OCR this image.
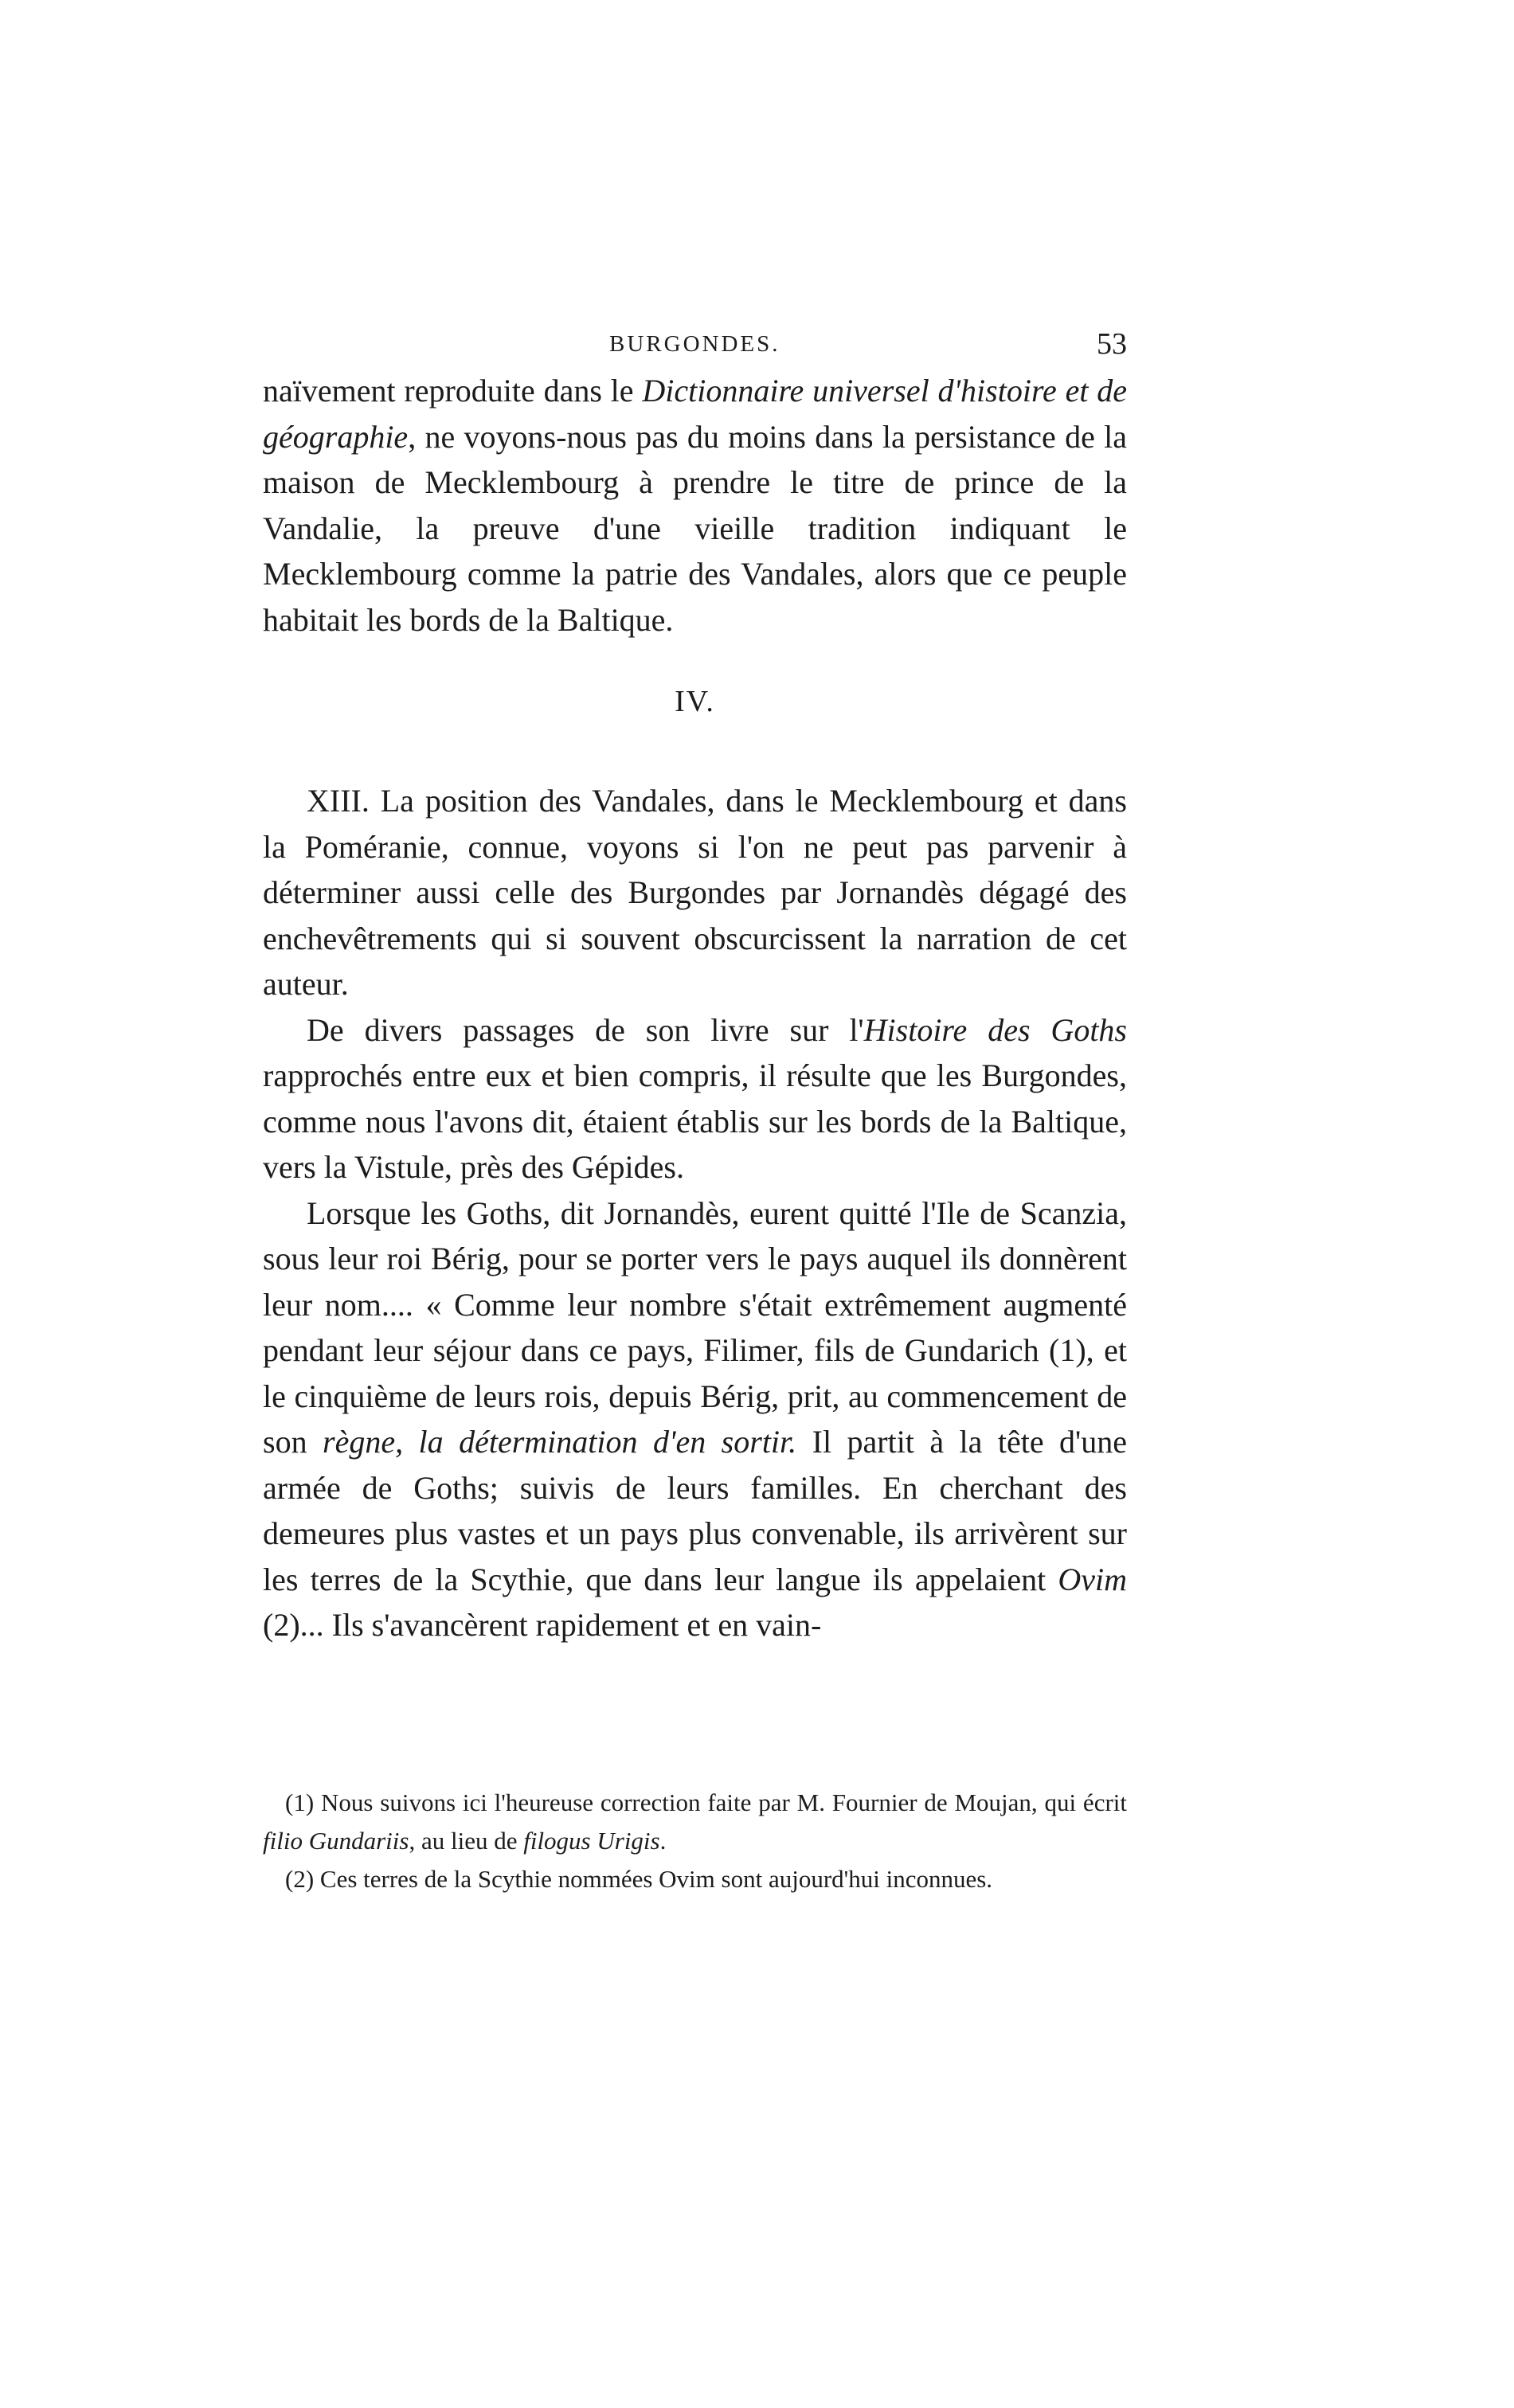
BURGONDES.	53

naïvement reproduite dans le Dictionnaire universel d'histoire et de géographie, ne voyons-nous pas du moins dans la persistance de la maison de Mecklembourg à prendre le titre de prince de la Vandalie, la preuve d'une vieille tradition indiquant le Mecklembourg comme la patrie des Vandales, alors que ce peuple habitait les bords de la Baltique.

IV.

XIII. La position des Vandales, dans le Mecklembourg et dans la Poméranie, connue, voyons si l'on ne peut pas parvenir à déterminer aussi celle des Burgondes par Jornandès dégagé des enchevêtrements qui si souvent obscurcissent la narration de cet auteur.

De divers passages de son livre sur l'Histoire des Goths rapprochés entre eux et bien compris, il résulte que les Burgondes, comme nous l'avons dit, étaient établis sur les bords de la Baltique, vers la Vistule, près des Gépides.

Lorsque les Goths, dit Jornandès, eurent quitté l'Ile de Scanzia, sous leur roi Bérig, pour se porter vers le pays auquel ils donnèrent leur nom.... « Comme leur nombre s'était extrêmement augmenté pendant leur séjour dans ce pays, Filimer, fils de Gundarich (1), et le cinquième de leurs rois, depuis Bérig, prit, au commencement de son règne, la détermination d'en sortir. Il partit à la tête d'une armée de Goths; suivis de leurs familles. En cherchant des demeures plus vastes et un pays plus convenable, ils arrivèrent sur les terres de la Scythie, que dans leur langue ils appelaient Ovim (2)... Ils s'avancèrent rapidement et en vain-

(1) Nous suivons ici l'heureuse correction faite par M. Fournier de Moujan, qui écrit filio Gundariis, au lieu de filogus Urigis.

(2) Ces terres de la Scythie nommées Ovim sont aujourd'hui inconnues.
